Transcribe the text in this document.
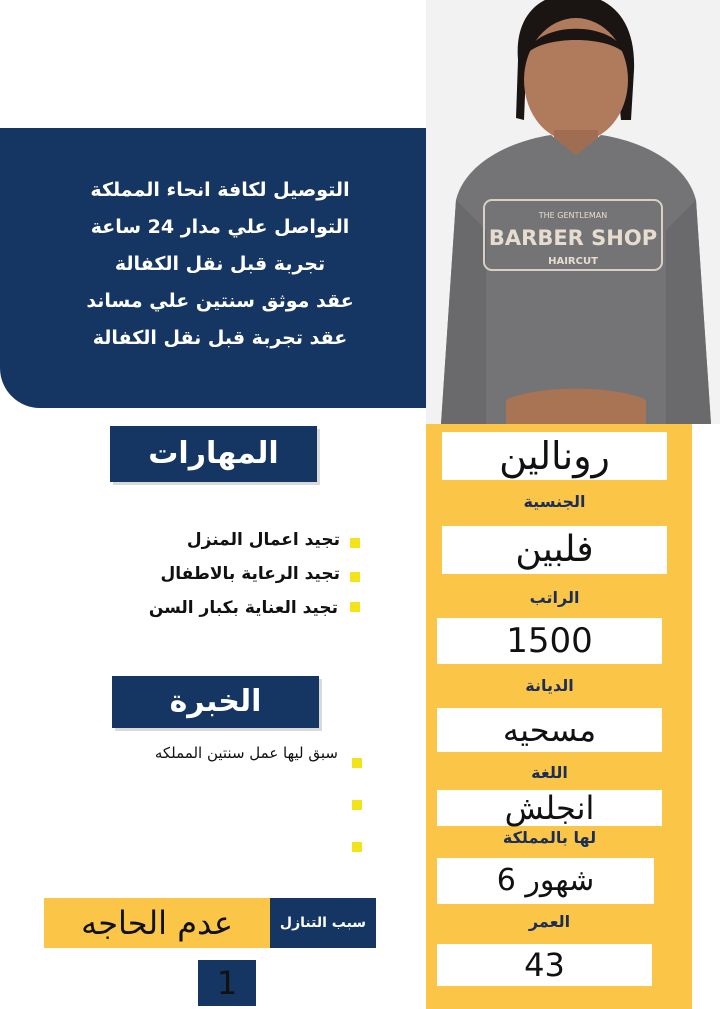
التوصيل لكافة انحاء المملكة
التواصل علي مدار 24 ساعة
تجربة قبل نقل الكفالة
عقد موثق سنتين علي مساند
عقد تجربة قبل نقل الكفالة
THE GENTLEMAN
BARBER SHOP
HAIRCUT
رونالين
الجنسية
فلبين
الراتب
1500
الديانة
مسحيه
اللغة
انجلش
لها بالمملكة
6 شهور
العمر
43
المهارات
تجيد اعمال المنزل
تجيد الرعاية بالاطفال
تجيد العناية بكبار السن
الخبرة
سبق ليها عمل سنتين المملكه
عدم الحاجه	سبب التنازل
1
